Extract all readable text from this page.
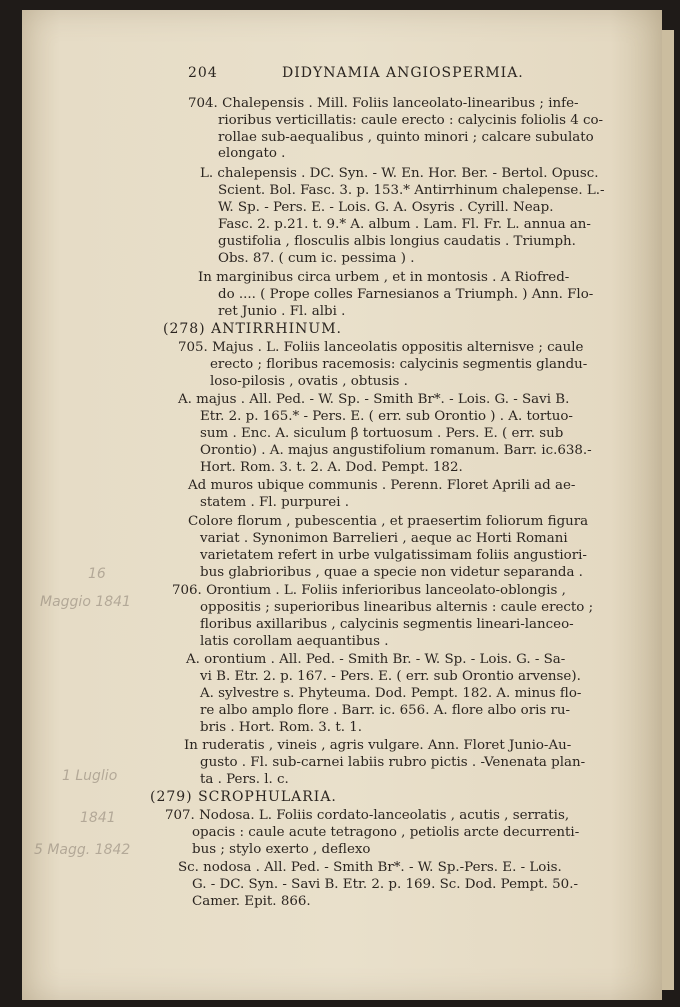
204	DIDYNAMIA ANGIOSPERMIA.
704. Chalepensis . Mill. Foliis lanceolato-linearibus ; infe-
rioribus verticillatis: caule erecto : calycinis foliolis 4 co-
rollae sub-aequalibus , quinto minori ; calcare subulato
elongato .
L. chalepensis . DC. Syn. - W. En. Hor. Ber. - Bertol. Opusc.
Scient. Bol. Fasc. 3. p. 153.* Antirrhinum chalepense. L.-
W. Sp. - Pers. E. - Lois. G. A. Osyris . Cyrill. Neap.
Fasc. 2. p.21. t. 9.* A. album . Lam. Fl. Fr. L. annua an-
gustifolia , flosculis albis longius caudatis . Triumph.
Obs. 87. ( cum ic. pessima ) .
In marginibus circa urbem , et in montosis . A Riofred-
do .... ( Prope colles Farnesianos a Triumph. ) Ann. Flo-
ret Junio . Fl. albi .
(278) ANTIRRHINUM.
705. Majus . L. Foliis lanceolatis oppositis alternisve ; caule
erecto ; floribus racemosis: calycinis segmentis glandu-
loso-pilosis , ovatis , obtusis .
A. majus . All. Ped. - W. Sp. - Smith Br*. - Lois. G. - Savi B.
Etr. 2. p. 165.* - Pers. E. ( err. sub Orontio ) . A. tortuo-
sum . Enc. A. siculum β tortuosum . Pers. E. ( err. sub
Orontio) . A. majus angustifolium romanum. Barr. ic.638.-
Hort. Rom. 3. t. 2. A. Dod. Pempt. 182.
Ad muros ubique communis . Perenn. Floret Aprili ad ae-
statem . Fl. purpurei .
Colore florum , pubescentia , et praesertim foliorum figura
variat . Synonimon Barrelieri , aeque ac Horti Romani
varietatem refert in urbe vulgatissimam foliis angustiori-
bus glabrioribus , quae a specie non videtur separanda .
706. Orontium . L. Foliis inferioribus lanceolato-oblongis ,
oppositis ; superioribus linearibus alternis : caule erecto ;
floribus axillaribus , calycinis segmentis lineari-lanceo-
latis corollam aequantibus .
A. orontium . All. Ped. - Smith Br. - W. Sp. - Lois. G. - Sa-
vi B. Etr. 2. p. 167. - Pers. E. ( err. sub Orontio arvense).
A. sylvestre s. Phyteuma. Dod. Pempt. 182. A. minus flo-
re albo amplo flore . Barr. ic. 656. A. flore albo oris ru-
bris . Hort. Rom. 3. t. 1.
In ruderatis , vineis , agris vulgare. Ann. Floret Junio-Au-
gusto . Fl. sub-carnei labiis rubro pictis . -Venenata plan-
ta . Pers. l. c.
(279) SCROPHULARIA.
707. Nodosa. L. Foliis cordato-lanceolatis , acutis , serratis,
opacis : caule acute tetragono , petiolis arcte decurrenti-
bus ; stylo exerto , deflexo
Sc. nodosa . All. Ped. - Smith Br*. - W. Sp.-Pers. E. - Lois.
G. - DC. Syn. - Savi B. Etr. 2. p. 169. Sc. Dod. Pempt. 50.-
Camer. Epit. 866.
16
Maggio 1841
1 Luglio
1841
5 Magg. 1842
